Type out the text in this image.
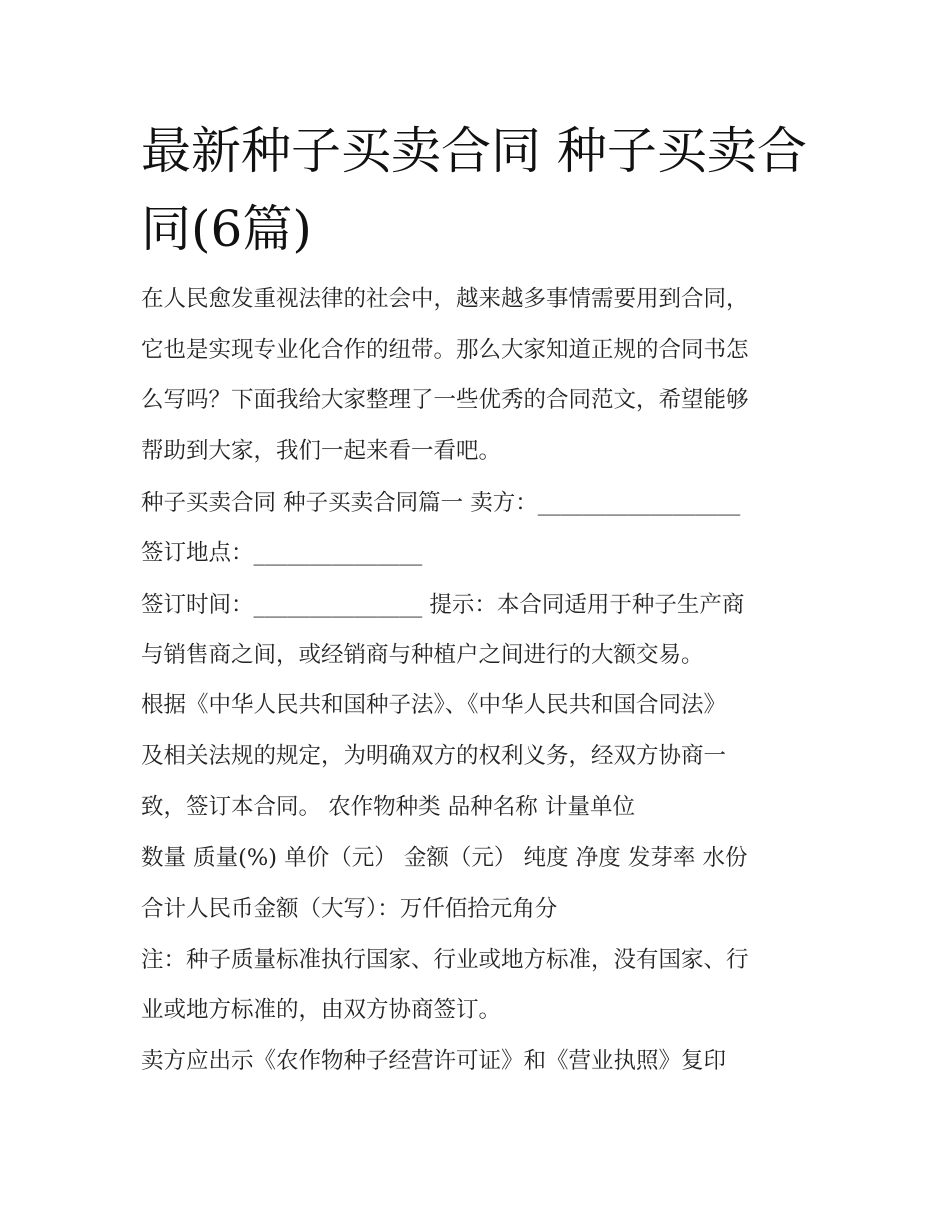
最新种子买卖合同 种子买卖合同(6篇)

在人民愈发重视法律的社会中，越来越多事情需要用到合同，

它也是实现专业化合作的纽带。那么大家知道正规的合同书怎

么写吗？下面我给大家整理了一些优秀的合同范文，希望能够

帮助到大家，我们一起来看一看吧。

种子买卖合同 种子买卖合同篇一 卖方：__________________

签订地点：_______________

签订时间：_______________ 提示：本合同适用于种子生产商

与销售商之间，或经销商与种植户之间进行的大额交易。

根据《中华人民共和国种子法》、《中华人民共和国合同法》

及相关法规的规定，为明确双方的权利义务，经双方协商一

致，签订本合同。 农作物种类 品种名称 计量单位

数量 质量(%) 单价（元） 金额（元） 纯度 净度 发芽率 水份

合计人民币金额（大写）：万仟佰拾元角分

注：种子质量标准执行国家、行业或地方标准，没有国家、行

业或地方标准的，由双方协商签订。

卖方应出示《农作物种子经营许可证》和《营业执照》复印
